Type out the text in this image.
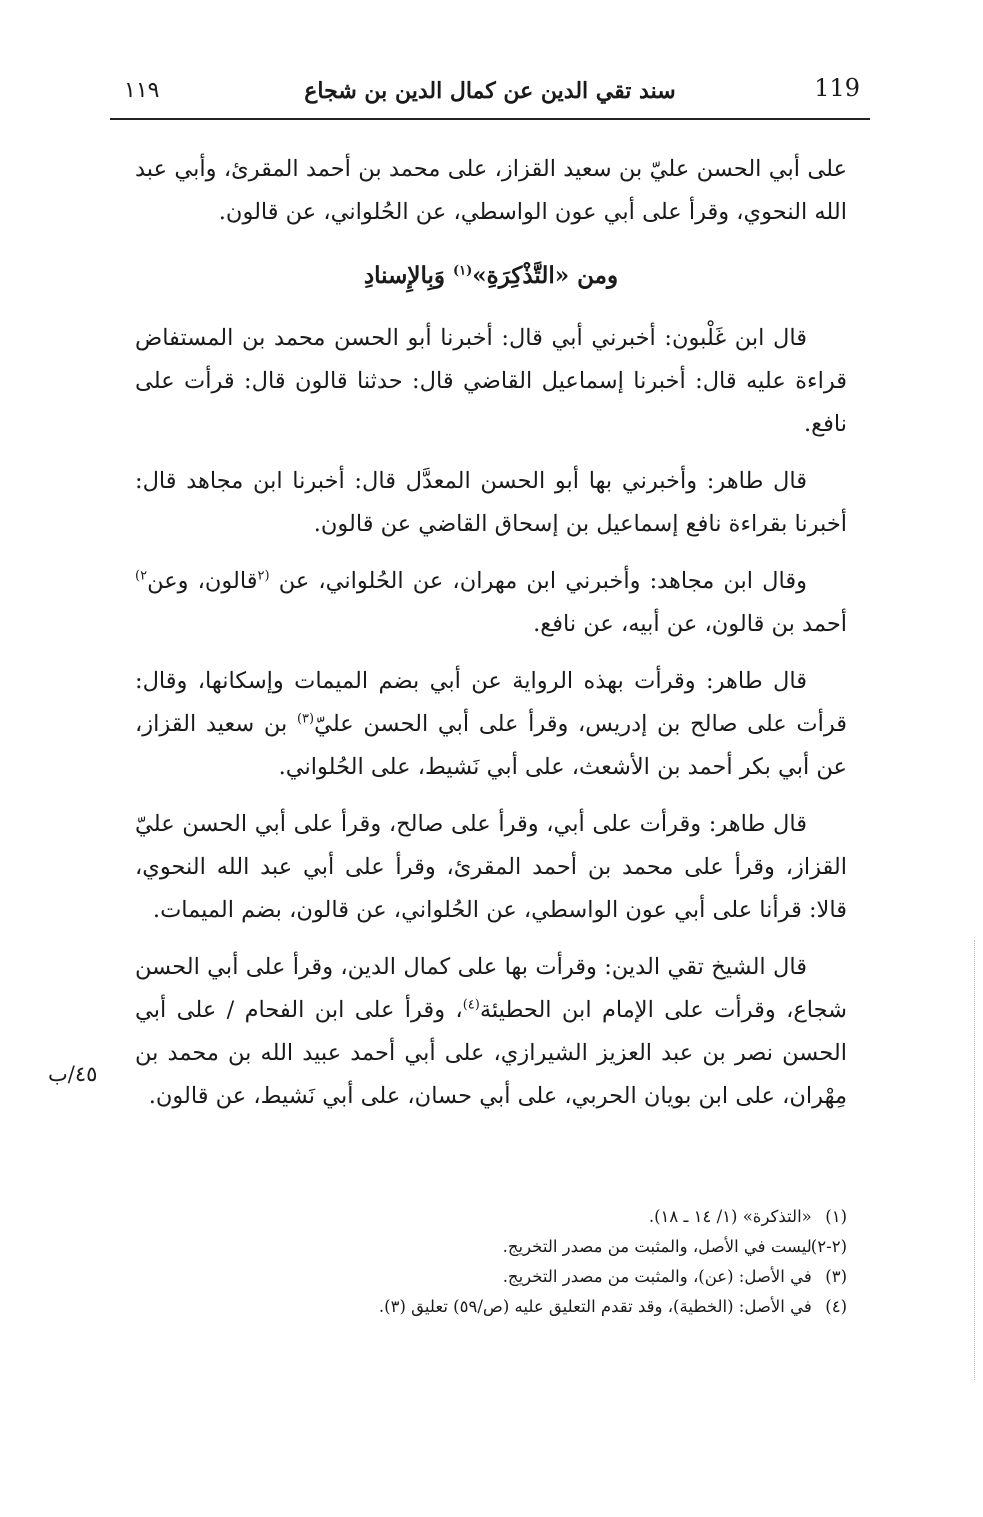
119
سند تقي الدين عن كمال الدين بن شجاع
١١٩

على أبي الحسن عليّ بن سعيد القزاز، على محمد بن أحمد المقرئ، وأبي عبد الله النحوي، وقرأ على أبي عون الواسطي، عن الحُلواني، عن قالون.

ومن «التَّذْكِرَةِ»$^{(١)}$ وَبِالإِسنادِ

قال ابن غَلْبون: أخبرني أبي قال: أخبرنا أبو الحسن محمد بن المستفاض قراءة عليه قال: أخبرنا إسماعيل القاضي قال: حدثنا قالون قال: قرأت على نافع.

قال طاهر: وأخبرني بها أبو الحسن المعدَّل قال: أخبرنا ابن مجاهد قال: أخبرنا بقراءة نافع إسماعيل بن إسحاق القاضي عن قالون.

وقال ابن مجاهد: وأخبرني ابن مهران، عن الحُلواني، عن $^{(٢}$قالون، وعن$^{٢)}$ أحمد بن قالون، عن أبيه، عن نافع.

قال طاهر: وقرأت بهذه الرواية عن أبي بضم الميمات وإسكانها، وقال: قرأت على صالح بن إدريس، وقرأ على أبي الحسن عليّ$^{(٣)}$ بن سعيد القزاز، عن أبي بكر أحمد بن الأشعث، على أبي نَشيط، على الحُلواني.

قال طاهر: وقرأت على أبي، وقرأ على صالح، وقرأ على أبي الحسن عليّ القزاز، وقرأ على محمد بن أحمد المقرئ، وقرأ على أبي عبد الله النحوي، قالا: قرأنا على أبي عون الواسطي، عن الحُلواني، عن قالون، بضم الميمات.

قال الشيخ تقي الدين: وقرأت بها على كمال الدين، وقرأ على أبي الحسن شجاع، وقرأت على الإمام ابن الحطيئة$^{(٤)}$، وقرأ على ابن الفحام / على أبي الحسن نصر بن عبد العزيز الشيرازي، على أبي أحمد عبيد الله بن محمد بن مِهْران، على ابن بويان الحربي، على أبي حسان، على أبي نَشيط، عن قالون.

٤٥/ب
(١) «التذكرة» (١/ ١٤ ـ ١٨).
(٢-٢) ليست في الأصل، والمثبت من مصدر التخريج.
(٣) في الأصل: (عن)، والمثبت من مصدر التخريج.
(٤) في الأصل: (الخطية)، وقد تقدم التعليق عليه (ص/٥٩) تعليق (٣).
